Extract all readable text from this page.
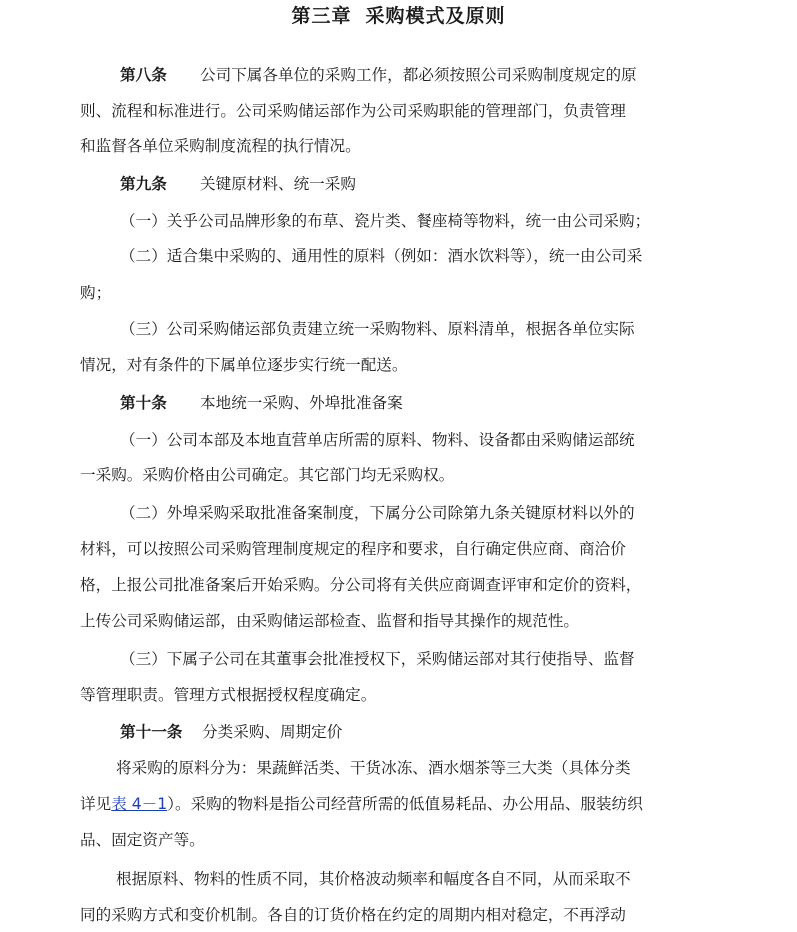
第三章 采购模式及原则
第八条 公司下属各单位的采购工作，都必须按照公司采购制度规定的原
则、流程和标准进行。公司采购储运部作为公司采购职能的管理部门，负责管理
和监督各单位采购制度流程的执行情况。
第九条 关键原材料、统一采购
（一）关乎公司品牌形象的布草、瓷片类、餐座椅等物料，统一由公司采购；
（二）适合集中采购的、通用性的原料（例如：酒水饮料等），统一由公司采
购；
（三）公司采购储运部负责建立统一采购物料、原料清单，根据各单位实际
情况，对有条件的下属单位逐步实行统一配送。
第十条 本地统一采购、外埠批准备案
（一）公司本部及本地直营单店所需的原料、物料、设备都由采购储运部统
一采购。采购价格由公司确定。其它部门均无采购权。
（二）外埠采购采取批准备案制度，下属分公司除第九条关键原材料以外的
材料，可以按照公司采购管理制度规定的程序和要求，自行确定供应商、商洽价
格，上报公司批准备案后开始采购。分公司将有关供应商调查评审和定价的资料，
上传公司采购储运部，由采购储运部检查、监督和指导其操作的规范性。
（三）下属子公司在其董事会批准授权下，采购储运部对其行使指导、监督
等管理职责。管理方式根据授权程度确定。
第十一条 分类采购、周期定价
将采购的原料分为：果蔬鲜活类、干货冰冻、酒水烟茶等三大类（具体分类
详见表 4－1）。采购的物料是指公司经营所需的低值易耗品、办公用品、服装纺织
品、固定资产等。
根据原料、物料的性质不同，其价格波动频率和幅度各自不同，从而采取不
同的采购方式和变价机制。各自的订货价格在约定的周期内相对稳定，不再浮动
